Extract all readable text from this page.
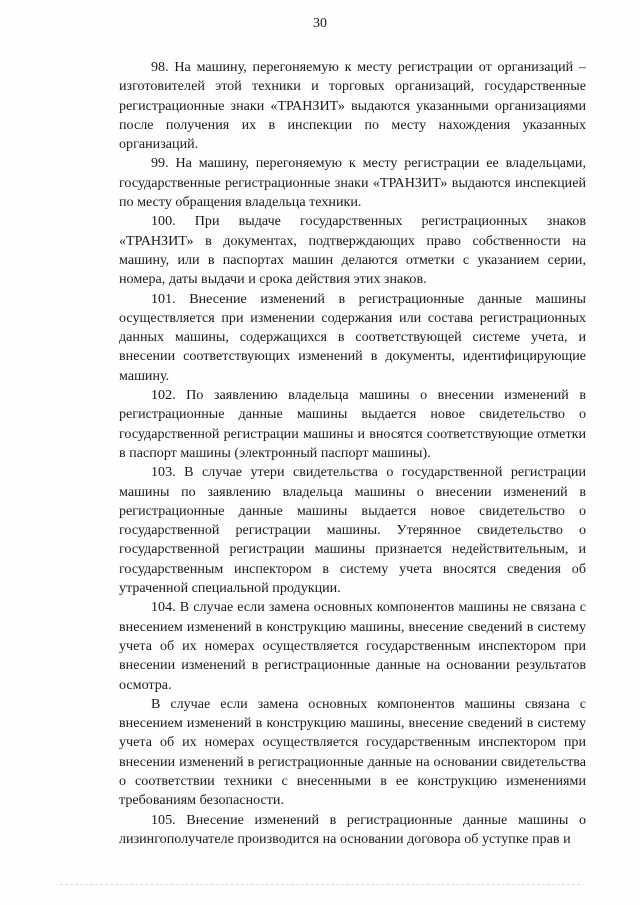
30

98. На машину, перегоняемую к месту регистрации от организаций – изготовителей этой техники и торговых организаций, государственные регистрационные знаки «ТРАНЗИТ» выдаются указанными организациями после получения их в инспекции по месту нахождения указанных организаций.

99. На машину, перегоняемую к месту регистрации ее владельцами, государственные регистрационные знаки «ТРАНЗИТ» выдаются инспекцией по месту обращения владельца техники.

100. При выдаче государственных регистрационных знаков «ТРАНЗИТ» в документах, подтверждающих право собственности на машину, или в паспортах машин делаются отметки с указанием серии, номера, даты выдачи и срока действия этих знаков.

101. Внесение изменений в регистрационные данные машины осуществляется при изменении содержания или состава регистрационных данных машины, содержащихся в соответствующей системе учета, и внесении соответствующих изменений в документы, идентифицирующие машину.

102. По заявлению владельца машины о внесении изменений в регистрационные данные машины выдается новое свидетельство о государственной регистрации машины и вносятся соответствующие отметки в паспорт машины (электронный паспорт машины).

103. В случае утери свидетельства о государственной регистрации машины по заявлению владельца машины о внесении изменений в регистрационные данные машины выдается новое свидетельство о государственной регистрации машины. Утерянное свидетельство о государственной регистрации машины признается недействительным, и государственным инспектором в систему учета вносятся сведения об утраченной специальной продукции.

104. В случае если замена основных компонентов машины не связана с внесением изменений в конструкцию машины, внесение сведений в систему учета об их номерах осуществляется государственным инспектором при внесении изменений в регистрационные данные на основании результатов осмотра.

В случае если замена основных компонентов машины связана с внесением изменений в конструкцию машины, внесение сведений в систему учета об их номерах осуществляется государственным инспектором при внесении изменений в регистрационные данные на основании свидетельства о соответствии техники с внесенными в ее конструкцию изменениями требованиям безопасности.

105. Внесение изменений в регистрационные данные машины о лизингополучателе производится на основании договора об уступке прав и
